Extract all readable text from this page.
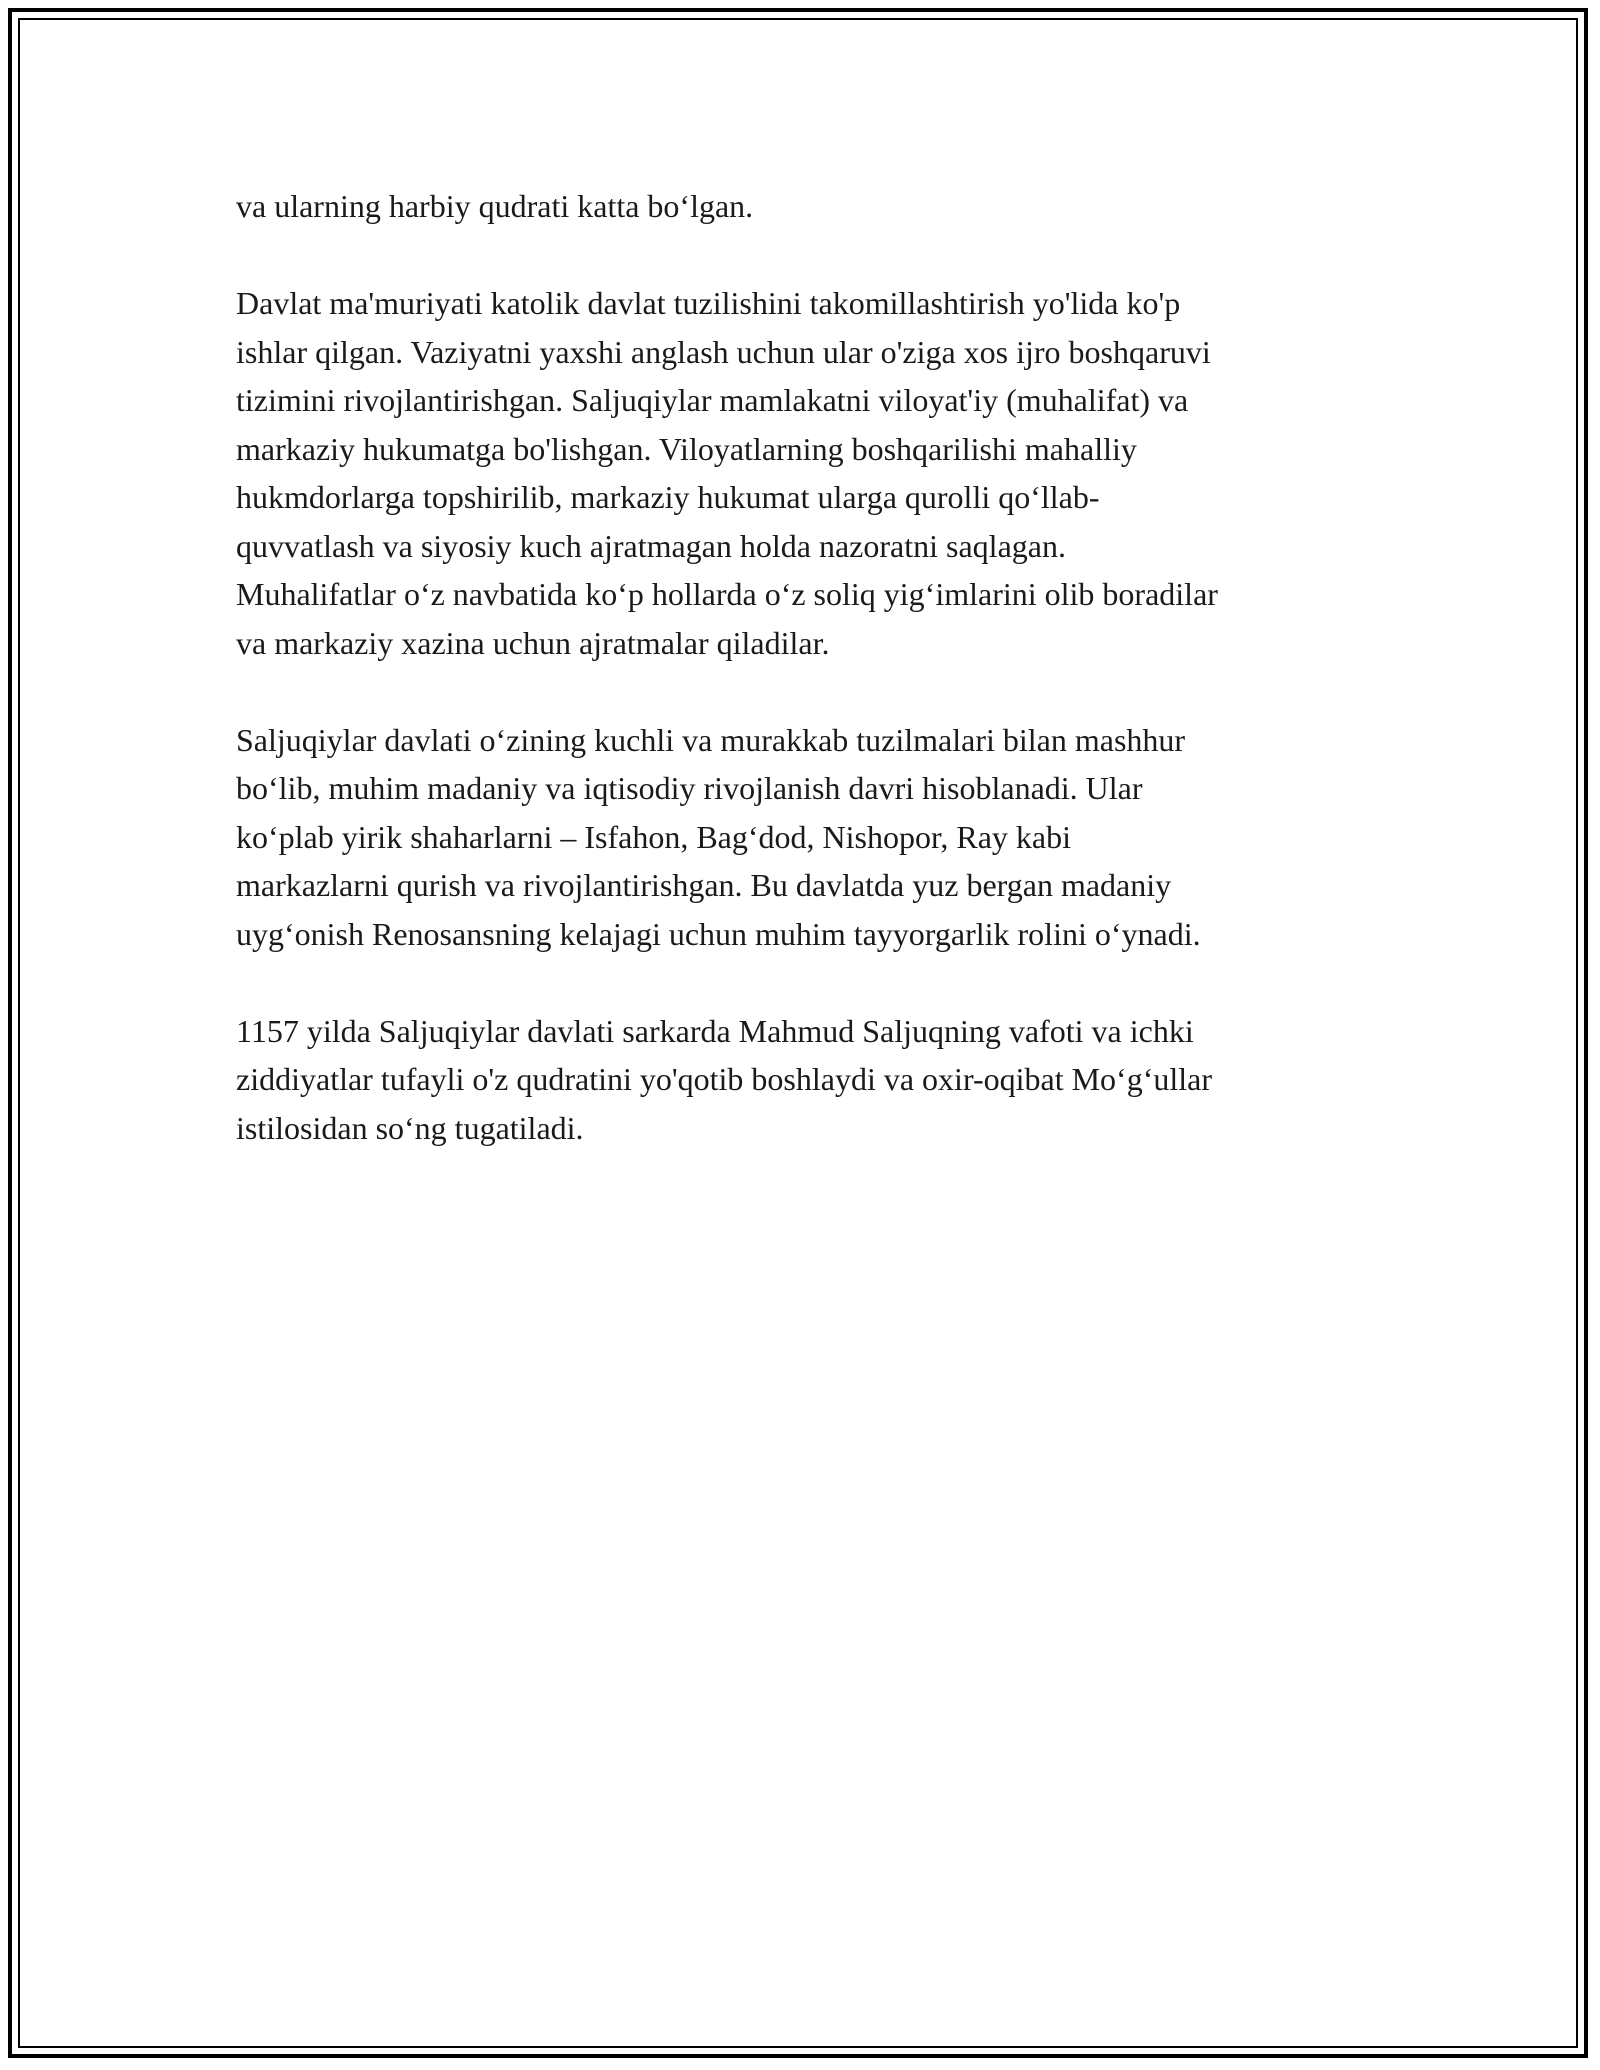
va ularning harbiy qudrati katta bo‘lgan.

Davlat ma'muriyati katolik davlat tuzilishini takomillashtirish yo'lida ko'p
ishlar qilgan. Vaziyatni yaxshi anglash uchun ular o'ziga xos ijro boshqaruvi
tizimini rivojlantirishgan. Saljuqiylar mamlakatni viloyat'iy (muhalifat) va
markaziy hukumatga bo'lishgan. Viloyatlarning boshqarilishi mahalliy
hukmdorlarga topshirilib, markaziy hukumat ularga qurolli qo‘llab-
quvvatlash va siyosiy kuch ajratmagan holda nazoratni saqlagan.
Muhalifatlar o‘z navbatida ko‘p hollarda o‘z soliq yig‘imlarini olib boradilar
va markaziy xazina uchun ajratmalar qiladilar.

Saljuqiylar davlati o‘zining kuchli va murakkab tuzilmalari bilan mashhur
bo‘lib, muhim madaniy va iqtisodiy rivojlanish davri hisoblanadi. Ular
ko‘plab yirik shaharlarni – Isfahon, Bag‘dod, Nishopor, Ray kabi
markazlarni qurish va rivojlantirishgan. Bu davlatda yuz bergan madaniy
uyg‘onish Renosansning kelajagi uchun muhim tayyorgarlik rolini o‘ynadi.

1157 yilda Saljuqiylar davlati sarkarda Mahmud Saljuqning vafoti va ichki
ziddiyatlar tufayli o'z qudratini yo'qotib boshlaydi va oxir-oqibat Mo‘g‘ullar
istilosidan so‘ng tugatiladi.
